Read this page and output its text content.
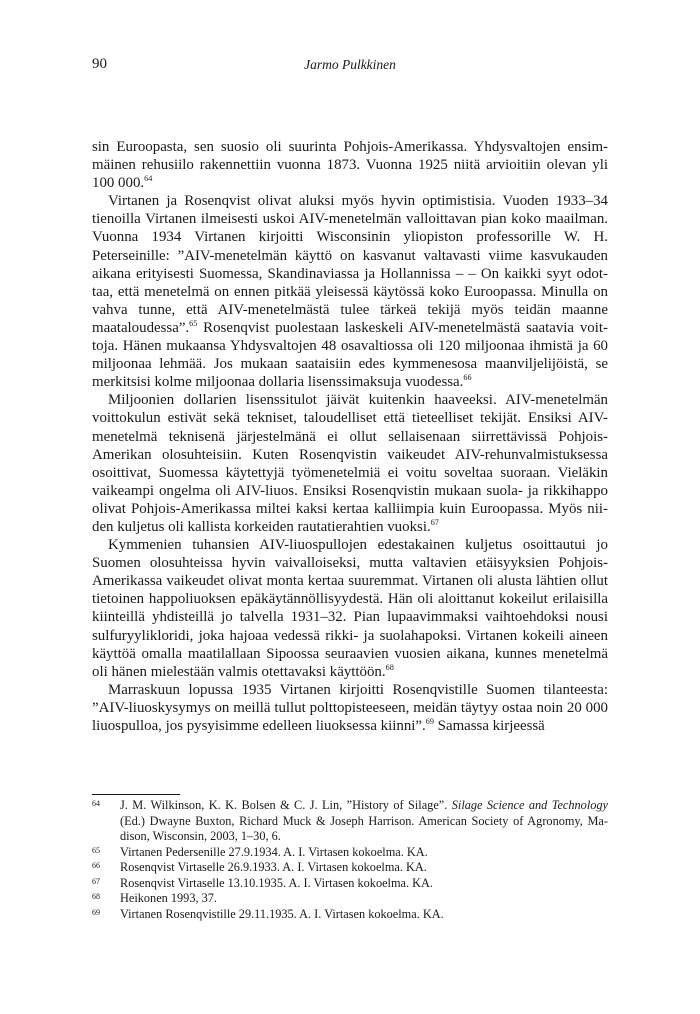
90	Jarmo Pulkkinen

sin Euroopasta, sen suosio oli suurinta Pohjois-Amerikassa. Yhdysvaltojen ensimmäinen rehusiilo rakennettiin vuonna 1873. Vuonna 1925 niitä arvioitiin olevan yli 100 000.64

Virtanen ja Rosenqvist olivat aluksi myös hyvin optimistisia. Vuoden 1933–34 tienoilla Virtanen ilmeisesti uskoi AIV-menetelmän valloittavan pian koko maailman. Vuonna 1934 Virtanen kirjoitti Wisconsinin yliopiston professorille W. H. Peterseinille: ”AIV-menetelmän käyttö on kasvanut valtavasti viime kasvukauden aikana erityisesti Suomessa, Skandinaviassa ja Hollannissa – – On kaikki syyt odottaa, että menetelmä on ennen pitkää yleisessä käytössä koko Euroopassa. Minulla on vahva tunne, että AIV-menetelmästä tulee tärkeä tekijä myös teidän maanne maataloudessa”.$^{65}$ Rosenqvist puolestaan laskeskeli AIV-menetelmästä saatavia voittoja. Hänen mukaansa Yhdysvaltojen 48 osavaltiossa oli 120 miljoonaa ihmistä ja 60 miljoonaa lehmää. Jos mukaan saataisiin edes kymmenesosa maanviljelijöistä, se merkitsisi kolme miljoonaa dollaria lisenssimaksuja vuodessa.$^{66}$

Miljoonien dollarien lisenssitulot jäivät kuitenkin haaveeksi. AIV-menetelmän voittokulun estivät sekä tekniset, taloudelliset että tieteelliset tekijät. Ensiksi AIV-menetelmä teknisenä järjestelmänä ei ollut sellaisenaan siirrettävissä Pohjois-Amerikan olosuhteisiin. Kuten Rosenqvistin vaikeudet AIV-rehunvalmistuksessa osoittivat, Suomessa käytettyjä työmenetelmiä ei voitu soveltaa suoraan. Vieläkin vaikeampi ongelma oli AIV-liuos. Ensiksi Rosenqvistin mukaan suola- ja rikkihappo olivat Pohjois-Amerikassa miltei kaksi kertaa kalliimpia kuin Euroopassa. Myös niiden kuljetus oli kallista korkeiden rautatierahtien vuoksi.$^{67}$

Kymmenien tuhansien AIV-liuospullojen edestakainen kuljetus osoittautui jo Suomen olosuhteissa hyvin vaivalloiseksi, mutta valtavien etäisyyksien Pohjois-Amerikassa vaikeudet olivat monta kertaa suuremmat. Virtanen oli alusta lähtien ollut tietoinen happoliuoksen epäkäytännöllisyydestä. Hän oli aloittanut kokeilut erilaisilla kiinteillä yhdisteillä jo talvella 1931–32. Pian lupaavimmaksi vaihtoehdoksi nousi sulfuryylikloridi, joka hajoaa vedessä rikki- ja suolahapoksi. Virtanen kokeili aineen käyttöä omalla maatilallaan Sipoossa seuraavien vuosien aikana, kunnes menetelmä oli hänen mielestään valmis otettavaksi käyttöön.$^{68}$

Marraskuun lopussa 1935 Virtanen kirjoitti Rosenqvistille Suomen tilanteesta: ”AIV-liuoskysymys on meillä tullut polttopisteeseen, meidän täytyy ostaa noin 20 000 liuospulloa, jos pysyisimme edelleen liuoksessa kiinni”.$^{69}$ Samassa kirjeessä

64 J. M. Wilkinson, K. K. Bolsen & C. J. Lin, ”History of Silage”. Silage Science and Technology (Ed.) Dwayne Buxton, Richard Muck & Joseph Harrison. American Society of Agronomy, Madison, Wisconsin, 2003, 1–30, 6.
65 Virtanen Pedersenille 27.9.1934. A. I. Virtasen kokoelma. KA.
66 Rosenqvist Virtaselle 26.9.1933. A. I. Virtasen kokoelma. KA.
67 Rosenqvist Virtaselle 13.10.1935. A. I. Virtasen kokoelma. KA.
68 Heikonen 1993, 37.
69 Virtanen Rosenqvistille 29.11.1935. A. I. Virtasen kokoelma. KA.
